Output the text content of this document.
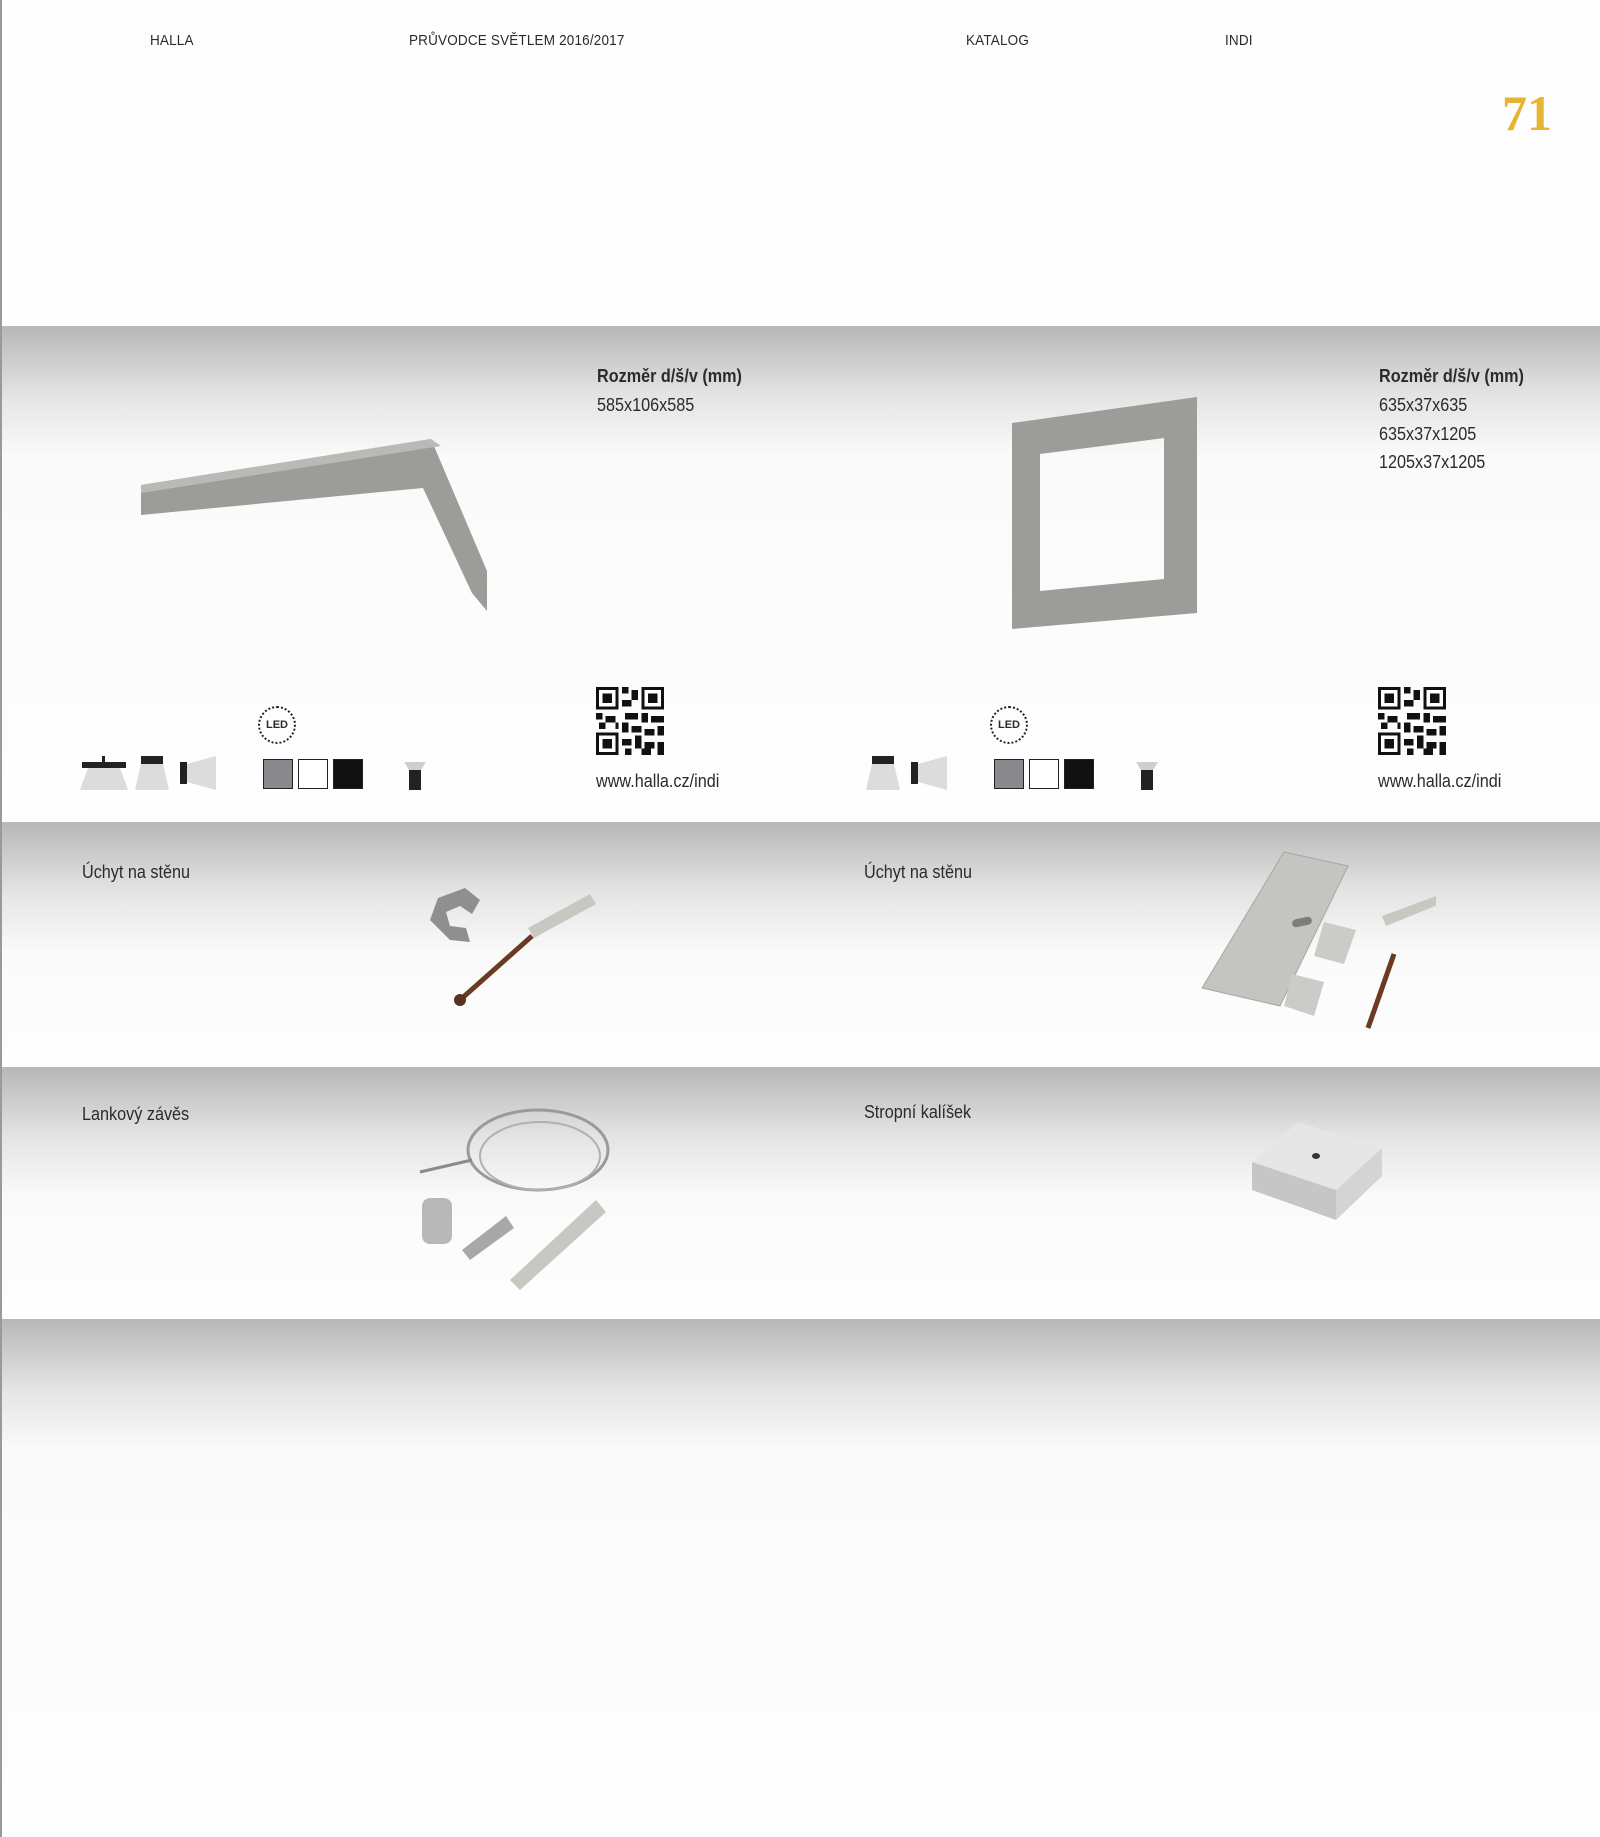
HALLA	PRŮVODCE SVĚTLEM 2016/2017	KATALOG	INDI
71
Rozměr d/š/v (mm)
585x106x585
LED
www.halla.cz/indi
Rozměr d/š/v (mm)
635x37x635
635x37x1205
1205x37x1205
LED
www.halla.cz/indi
Úchyt na stěnu	Úchyt na stěnu
Lankový závěs	Stropní kalíšek
